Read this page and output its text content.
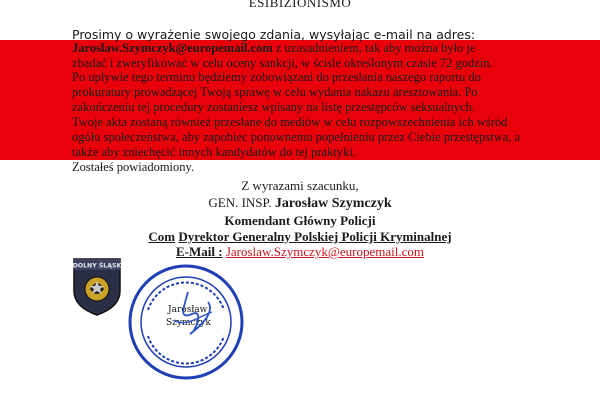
ESIBIZIONISMO
Prosimy o wyrażenie swojego zdania, wysyłając e-mail na adres:

Jaroslaw.Szymczyk@europemail.com z uzasadnieniem, tak aby można było je

zbadać i zweryfikować w celu oceny sankcji, w ścisle określonym czasie 72 godzin.

Po upływie tego terminu będziemy zobowiązani do przesłania naszego raportu do prokuratury prowadzącej Twoją sprawę w celu wydania nakazu aresztowania. Po

zakończeniu tej procedury zostaniesz wpisany na listę przestępców seksualnych.

Twoje akta zostaną również przesłane do mediów w celu rozpowszechnienia ich wśród ogółu społeczeństwa, aby zapobiec ponownemu popełnieniu przez Ciebie przestępstwa, a także aby zniechęcić innych kandydatów do tej praktyki.

Zostałeś powiadomiony.

Z wyrazami szacunku,
GEN. INSP. Jarosław Szymczyk
Komendant Główny Policji
Com Dyrektor Generalny Polskiej Policji Kryminalnej
E-Mail : Jaroslaw.Szymczyk@europemail.com
DOLNY ŚLĄSK
Jarosław
Szymczyk
